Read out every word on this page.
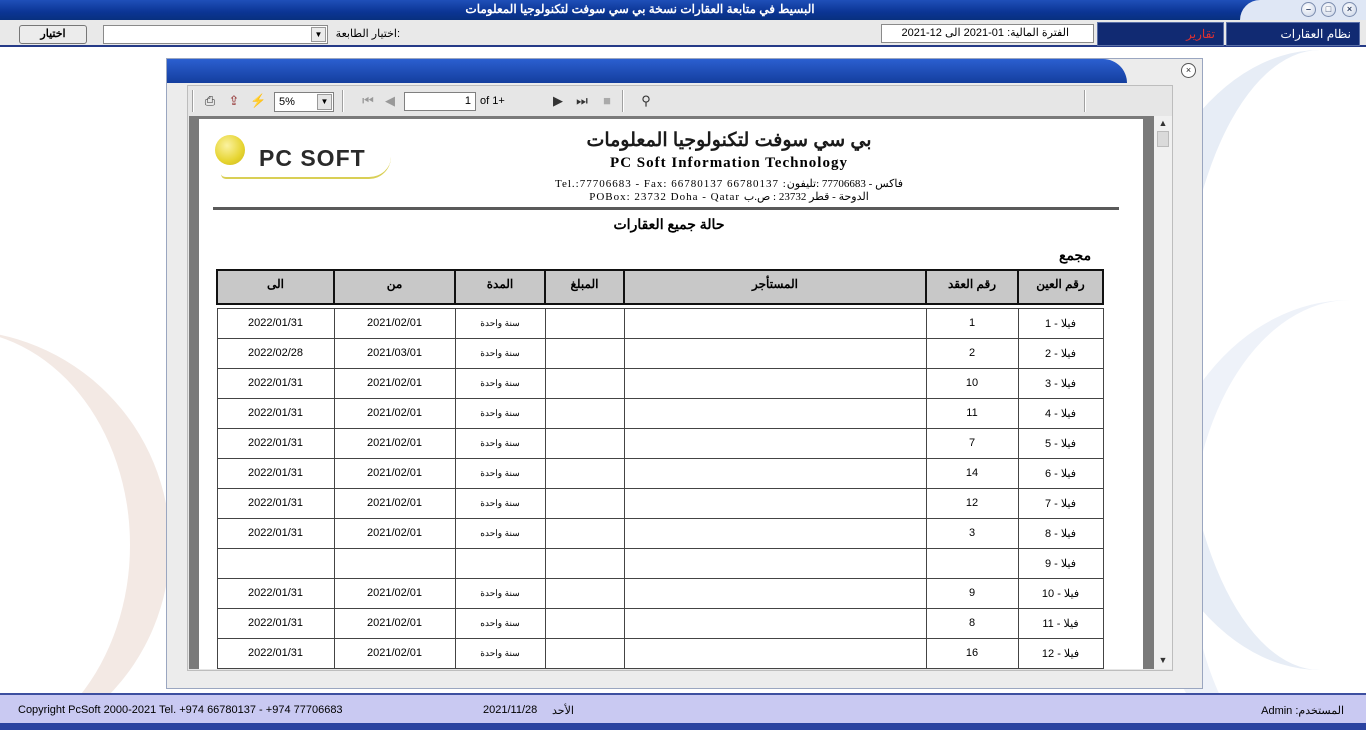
البسيط في متابعة العقارات نسخة بي سي سوفت لتكنولوجيا المعلومات	–	□	×
نظام العقارات
تقارير
الفترة المالية: 01-2021 الى 12-2021
اختيار الطابعة:
▼
اختيار
×
⎙ ⇪ ⚡	5%	▼	⏮ ◀	1 of 1+	▶ ⏭	■	⚲
PC SOFT
بي سي سوفت لتكنولوجيا المعلومات
PC Soft Information Technology
Tel.:77706683 - Fax: 66780137 66780137 :فاكس - 77706683 :تليفون
POBox: 23732 Doha - Qatar الدوحة - قطر 23732 : ص.ب
حالة جميع العقارات
مجمع
رقم العين	رقم العقد	المستأجر	المبلغ	المدة	من	الى

فيلا - 1	1			سنة واحدة	2021/02/01	2022/01/31
فيلا - 2	2			سنة واحدة	2021/03/01	2022/02/28
فيلا - 3	10			سنة واحدة	2021/02/01	2022/01/31
فيلا - 4	11			سنة واحدة	2021/02/01	2022/01/31
فيلا - 5	7			سنة واحدة	2021/02/01	2022/01/31
فيلا - 6	14			سنة واحدة	2021/02/01	2022/01/31
فيلا - 7	12			سنة واحدة	2021/02/01	2022/01/31
فيلا - 8	3			سنة واحده	2021/02/01	2022/01/31
فيلا - 9						
فيلا - 10	9			سنة واحدة	2021/02/01	2022/01/31
فيلا - 11	8			سنة واحده	2021/02/01	2022/01/31
فيلا - 12	16			سنة واحدة	2021/02/01	2022/01/31
▲
▼
Copyright PcSoft 2000-2021 Tel. +974 66780137 - +974 77706683	2021/11/28 الأحد	المستخدم: Admin
